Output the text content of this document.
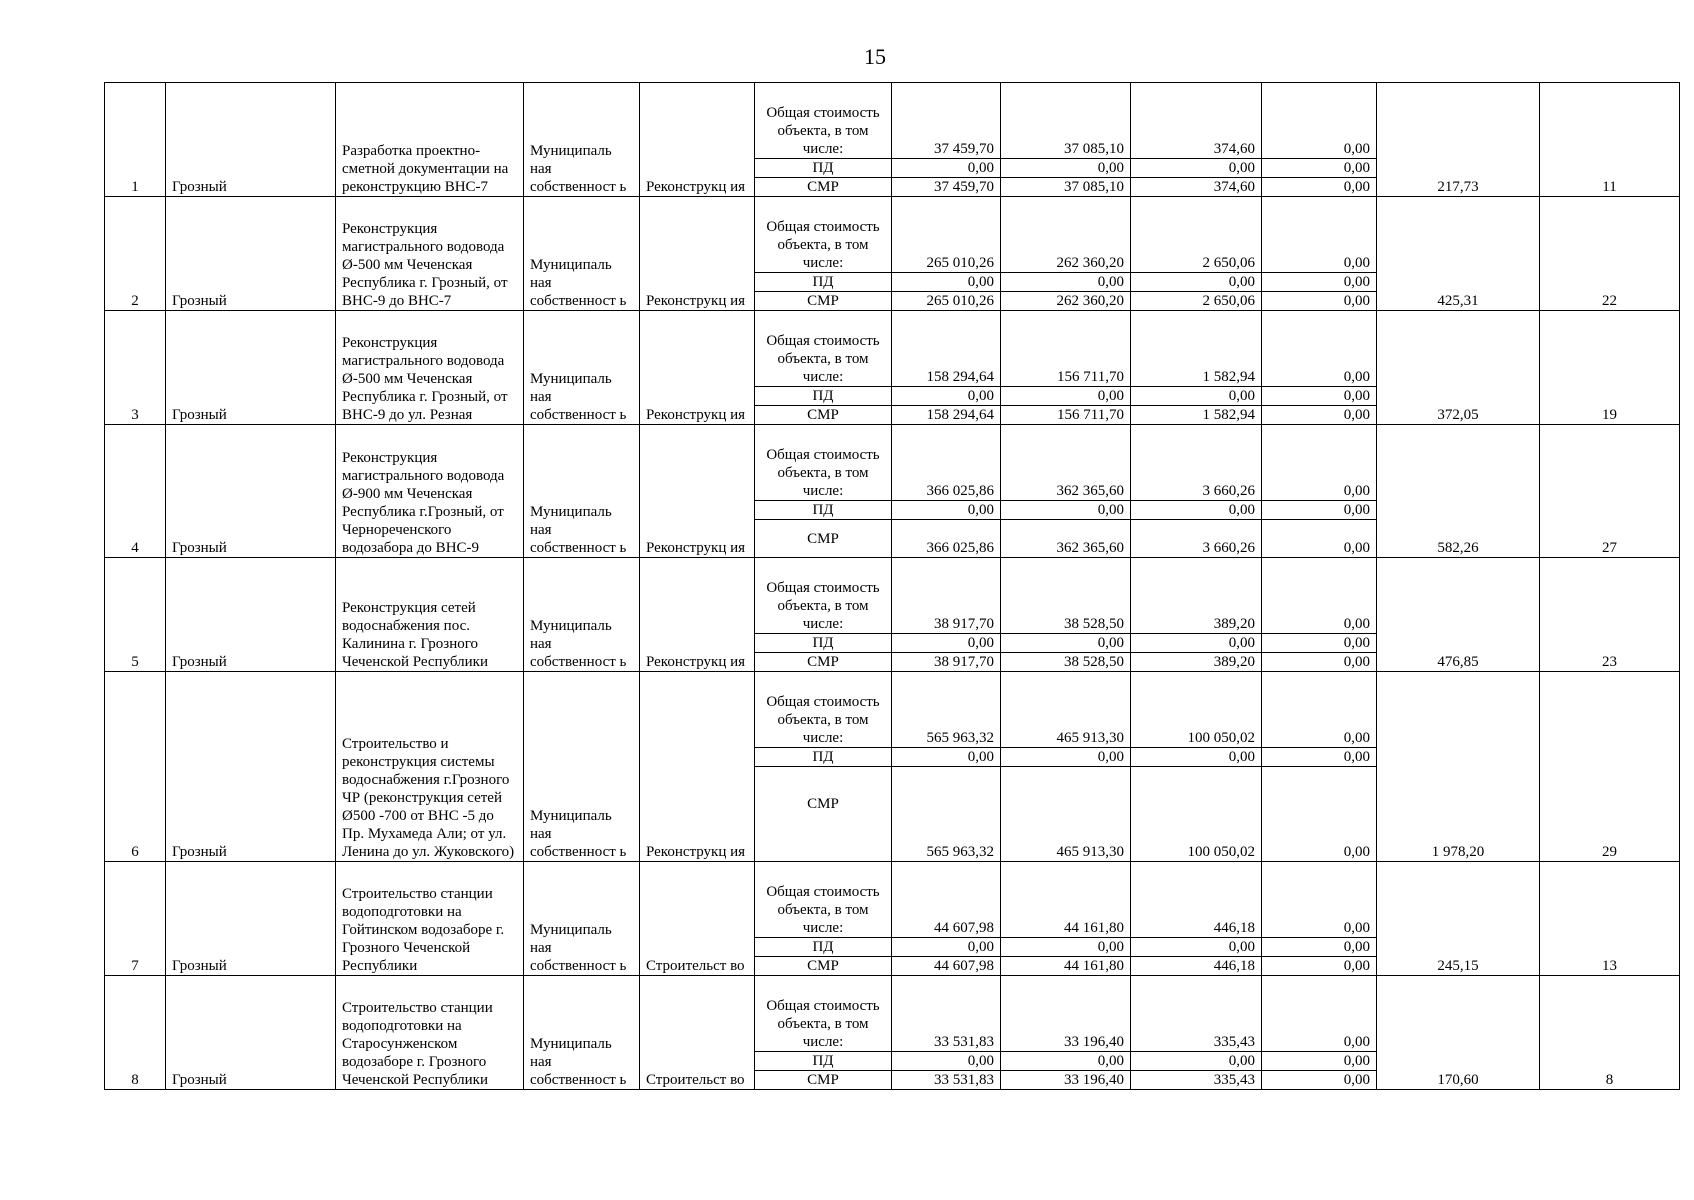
15
1	Грозный	Разработка проектно-сметной документации на реконструкцию ВНС-7	Муниципаль ная собственност ь	Реконструкц ия	Общая стоимость объекта, в том числе:	37 459,70	37 085,10	374,60	0,00	217,73	11
					ПД	0,00	0,00	0,00	0,00		
					СМР	37 459,70	37 085,10	374,60	0,00		
2	Грозный	Реконструкция магистрального водовода Ø-500 мм Чеченская Республика г. Грозный, от ВНС-9 до ВНС-7	Муниципаль ная собственност ь	Реконструкц ия	Общая стоимость объекта, в том числе:	265 010,26	262 360,20	2 650,06	0,00	425,31	22
					ПД	0,00	0,00	0,00	0,00		
					СМР	265 010,26	262 360,20	2 650,06	0,00		
3	Грозный	Реконструкция магистрального водовода Ø-500 мм Чеченская Республика г. Грозный, от ВНС-9 до ул. Резная	Муниципаль ная собственност ь	Реконструкц ия	Общая стоимость объекта, в том числе:	158 294,64	156 711,70	1 582,94	0,00	372,05	19
					ПД	0,00	0,00	0,00	0,00		
					СМР	158 294,64	156 711,70	1 582,94	0,00		
4	Грозный	Реконструкция магистрального водовода Ø-900 мм Чеченская Республика г.Грозный, от Чернореченского водозабора до ВНС-9	Муниципаль ная собственност ь	Реконструкц ия	Общая стоимость объекта, в том числе:	366 025,86	362 365,60	3 660,26	0,00	582,26	27
					ПД	0,00	0,00	0,00	0,00		
					СМР	366 025,86	362 365,60	3 660,26	0,00		
5	Грозный	Реконструкция сетей водоснабжения пос. Калинина г. Грозного Чеченской Республики	Муниципаль ная собственност ь	Реконструкц ия	Общая стоимость объекта, в том числе:	38 917,70	38 528,50	389,20	0,00	476,85	23
					ПД	0,00	0,00	0,00	0,00		
					СМР	38 917,70	38 528,50	389,20	0,00		
6	Грозный	Строительство и реконструкция системы водоснабжения г.Грозного ЧР (реконструкция сетей Ø500 -700 от ВНС -5 до Пр. Мухамеда Али; от ул. Ленина до ул. Жуковского)	Муниципаль ная собственност ь	Реконструкц ия	Общая стоимость объекта, в том числе:	565 963,32	465 913,30	100 050,02	0,00	1 978,20	29
					ПД	0,00	0,00	0,00	0,00		
					СМР	565 963,32	465 913,30	100 050,02	0,00		
7	Грозный	Строительство станции водоподготовки на Гойтинском водозаборе г. Грозного Чеченской Республики	Муниципаль ная собственност ь	Строительст во	Общая стоимость объекта, в том числе:	44 607,98	44 161,80	446,18	0,00	245,15	13
					ПД	0,00	0,00	0,00	0,00		
					СМР	44 607,98	44 161,80	446,18	0,00		
8	Грозный	Строительство станции водоподготовки на Старосунженском водозаборе г. Грозного Чеченской Республики	Муниципаль ная собственност ь	Строительст во	Общая стоимость объекта, в том числе:	33 531,83	33 196,40	335,43	0,00	170,60	8
					ПД	0,00	0,00	0,00	0,00		
					СМР	33 531,83	33 196,40	335,43	0,00		
